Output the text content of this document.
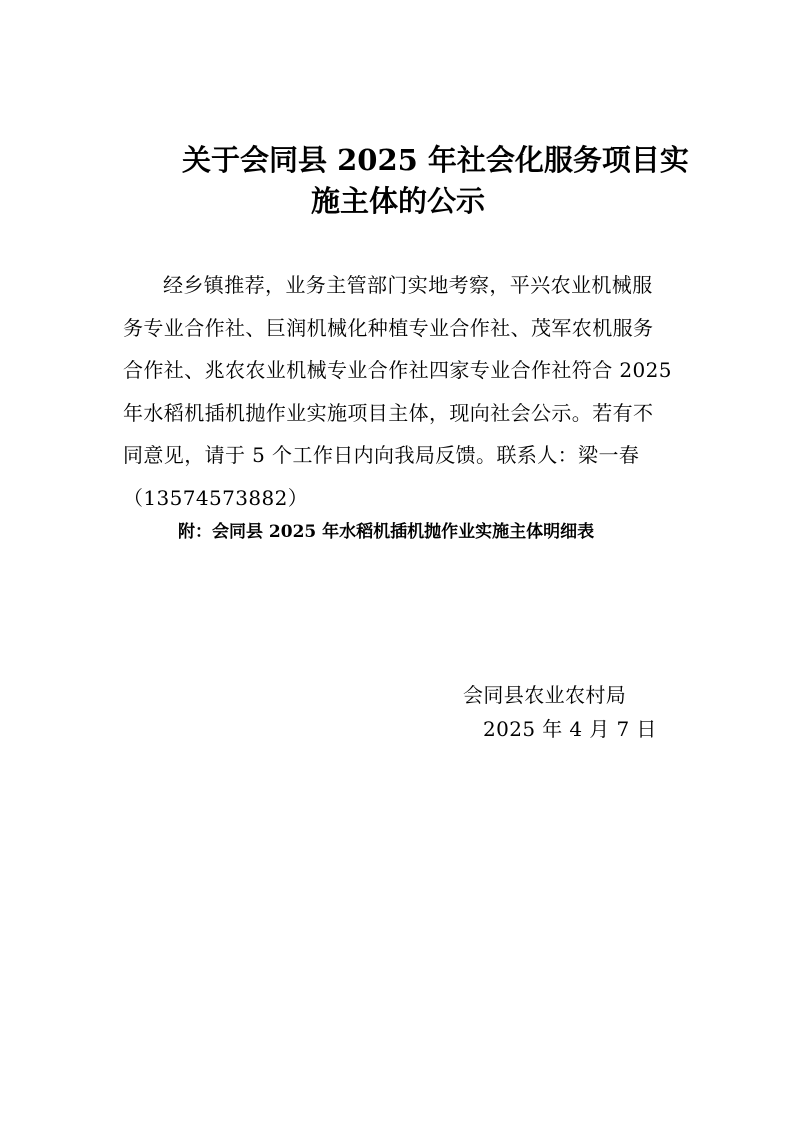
关于会同县 2025 年社会化服务项目实
施主体的公示
经乡镇推荐，业务主管部门实地考察，平兴农业机械服
务专业合作社、巨润机械化种植专业合作社、茂军农机服务
合作社、兆农农业机械专业合作社四家专业合作社符合 2025
年水稻机插机抛作业实施项目主体，现向社会公示。若有不
同意见，请于 5 个工作日内向我局反馈。联系人：梁一春
（13574573882）
附：会同县 2025 年水稻机插机抛作业实施主体明细表
会同县农业农村局
2025 年 4 月 7 日
